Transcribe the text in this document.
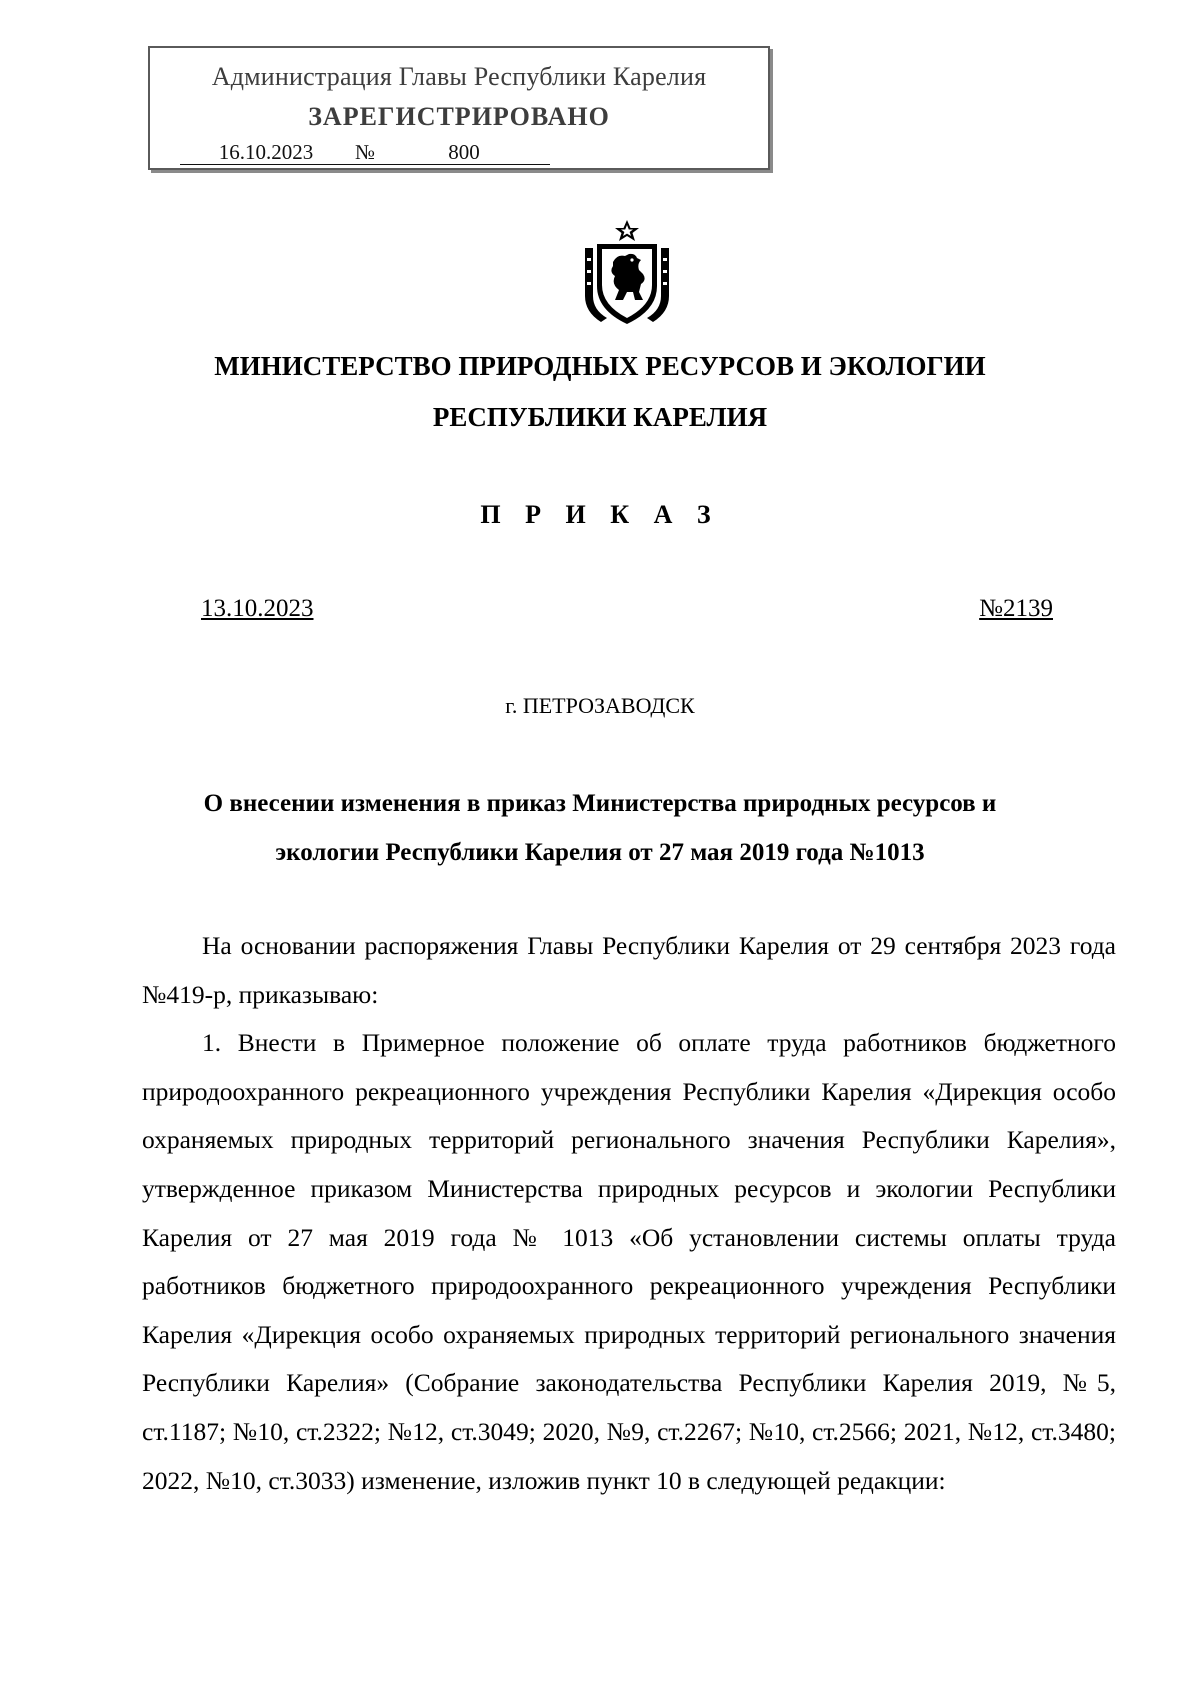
Администрация Главы Республики Карелия
ЗАРЕГИСТРИРОВАНО
16.10.2023	№	800
МИНИСТЕРСТВО ПРИРОДНЫХ РЕСУРСОВ И ЭКОЛОГИИ
РЕСПУБЛИКИ КАРЕЛИЯ
П Р И К А З
13.10.2023	№2139
г. ПЕТРОЗАВОДСК
О внесении изменения в приказ Министерства природных ресурсов и
экологии Республики Карелия от 27 мая 2019 года №1013

На основании распоряжения Главы Республики Карелия от 29 сентября 2023 года №419-р, приказываю:

1. Внести в Примерное положение об оплате труда работников бюджетного природоохранного рекреационного учреждения Республики Карелия «Дирекция особо охраняемых природных территорий регионального значения Республики Карелия», утвержденное приказом Министерства природных ресурсов и экологии Республики Карелия от 27 мая 2019 года № 1013 «Об установлении системы оплаты труда работников бюджетного природоохранного рекреационного учреждения Республики Карелия «Дирекция особо охраняемых природных территорий регионального значения Республики Карелия» (Собрание законодательства Республики Карелия 2019, №5, ст.1187; №10, ст.2322; №12, ст.3049; 2020, №9, ст.2267; №10, ст.2566; 2021, №12, ст.3480; 2022, №10, ст.3033) изменение, изложив пункт 10 в следующей редакции:
